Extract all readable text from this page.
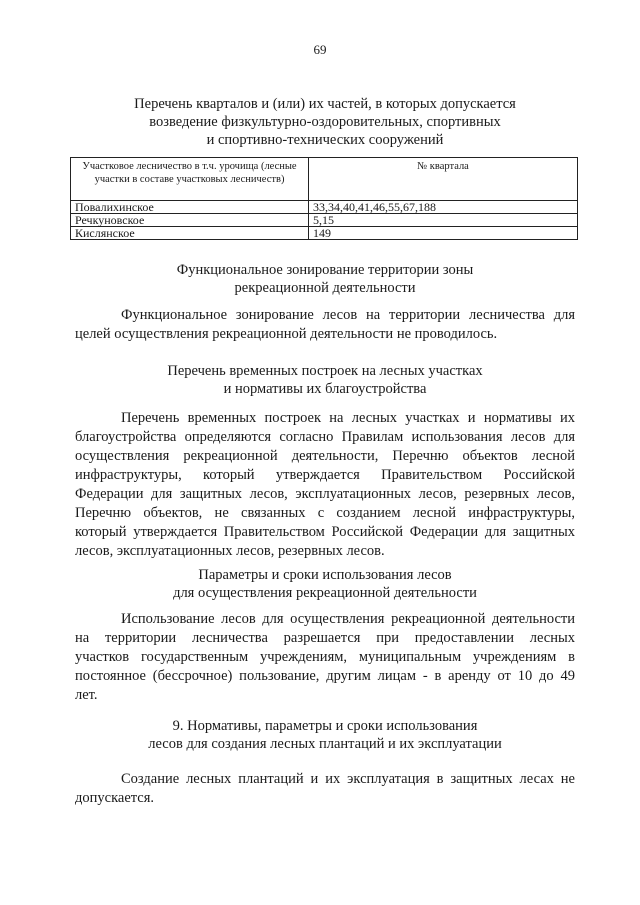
69
Перечень кварталов и (или) их частей, в которых допускается
возведение физкультурно-оздоровительных, спортивных
и спортивно-технических сооружений
Участковое лесничество в т.ч. урочища (лесные участки в составе участковых лесничеств)	№ квартала
Повалихинское	33,34,40,41,46,55,67,188
Речкуновское	5,15
Кислянское	149
Функциональное зонирование территории зоны
рекреационной деятельности
Функциональное зонирование лесов на территории лесничества для
целей осуществления рекреационной деятельности не проводилось.
Перечень временных построек на лесных участках
и нормативы их благоустройства
Перечень временных построек на лесных участках и нормативы их
благоустройства определяются согласно Правилам использования лесов для
осуществления рекреационной деятельности, Перечню объектов лесной
инфраструктуры, который утверждается Правительством Российской
Федерации для защитных лесов, эксплуатационных лесов, резервных лесов,
Перечню объектов, не связанных с созданием лесной инфраструктуры,
который утверждается Правительством Российской Федерации для защитных
лесов, эксплуатационных лесов, резервных лесов.
Параметры и сроки использования лесов
для осуществления рекреационной деятельности
Использование лесов для осуществления рекреационной деятельности
на территории лесничества разрешается при предоставлении лесных
участков государственным учреждениям, муниципальным учреждениям в
постоянное (бессрочное) пользование, другим лицам - в аренду от 10 до 49
лет.
9. Нормативы, параметры и сроки использования
лесов для создания лесных плантаций и их эксплуатации
Создание лесных плантаций и их эксплуатация в защитных лесах не
допускается.
